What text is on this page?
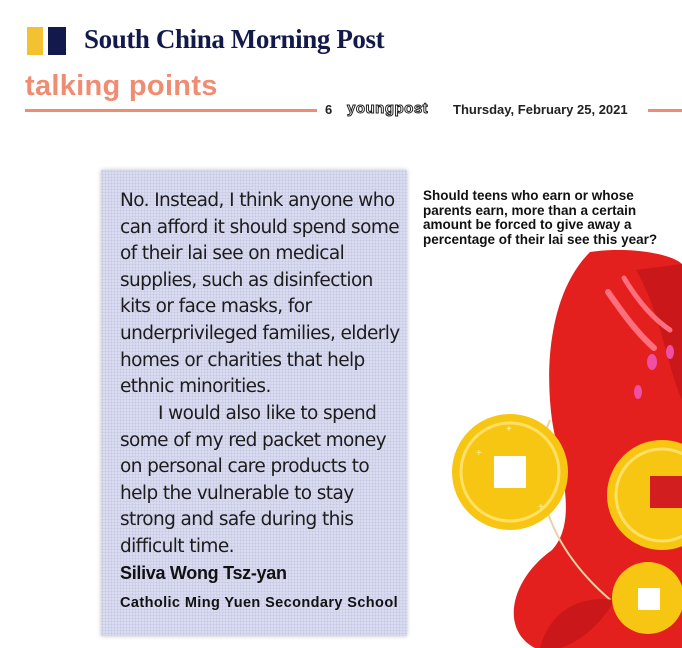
South China Morning Post
talking points
6 youngpost Thursday, February 25, 2021

No. Instead, I think anyone who can afford it should spend some of their lai see on medical supplies, such as disinfection kits or face masks, for underprivileged families, elderly homes or charities that help ethnic minorities.

I would also like to spend some of my red packet money on personal care products to help the vulnerable to stay strong and safe during this difficult time.

Siliva Wong Tsz-yan
Catholic Ming Yuen Secondary School
Should teens who earn or whose parents earn, more than a certain amount be forced to give away a percentage of their lai see this year?
+
+
+
